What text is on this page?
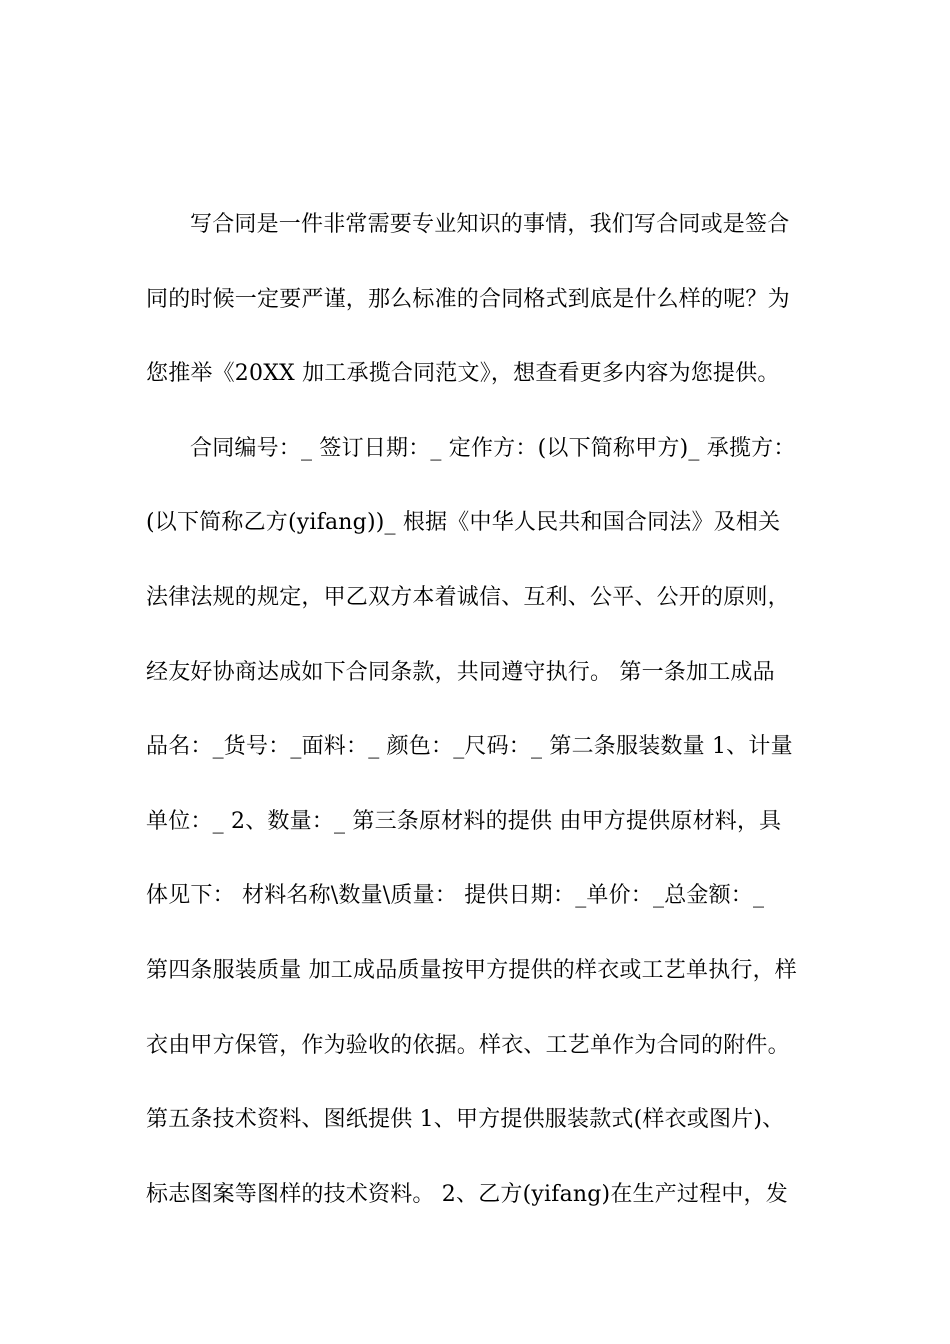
写合同是一件非常需要专业知识的事情，我们写合同或是签合
同的时候一定要严谨，那么标准的合同格式到底是什么样的呢？为
您推举《20XX 加工承揽合同范文》，想查看更多内容为您提供。
合同编号：_ 签订日期：_ 定作方：(以下简称甲方)_ 承揽方：
(以下简称乙方(yifang))_ 根据《中华人民共和国合同法》及相关
法律法规的规定，甲乙双方本着诚信、互利、公平、公开的原则，
经友好协商达成如下合同条款，共同遵守执行。 第一条加工成品
品名：_货号：_面料：_ 颜色：_尺码：_ 第二条服装数量 1、计量
单位：_ 2、数量：_ 第三条原材料的提供 由甲方提供原材料，具
体见下： 材料名称\数量\质量： 提供日期：_单价：_总金额：_
第四条服装质量 加工成品质量按甲方提供的样衣或工艺单执行，样
衣由甲方保管，作为验收的依据。样衣、工艺单作为合同的附件。
第五条技术资料、图纸提供 1、甲方提供服装款式(样衣或图片)、
标志图案等图样的技术资料。 2、乙方(yifang)在生产过程中，发
